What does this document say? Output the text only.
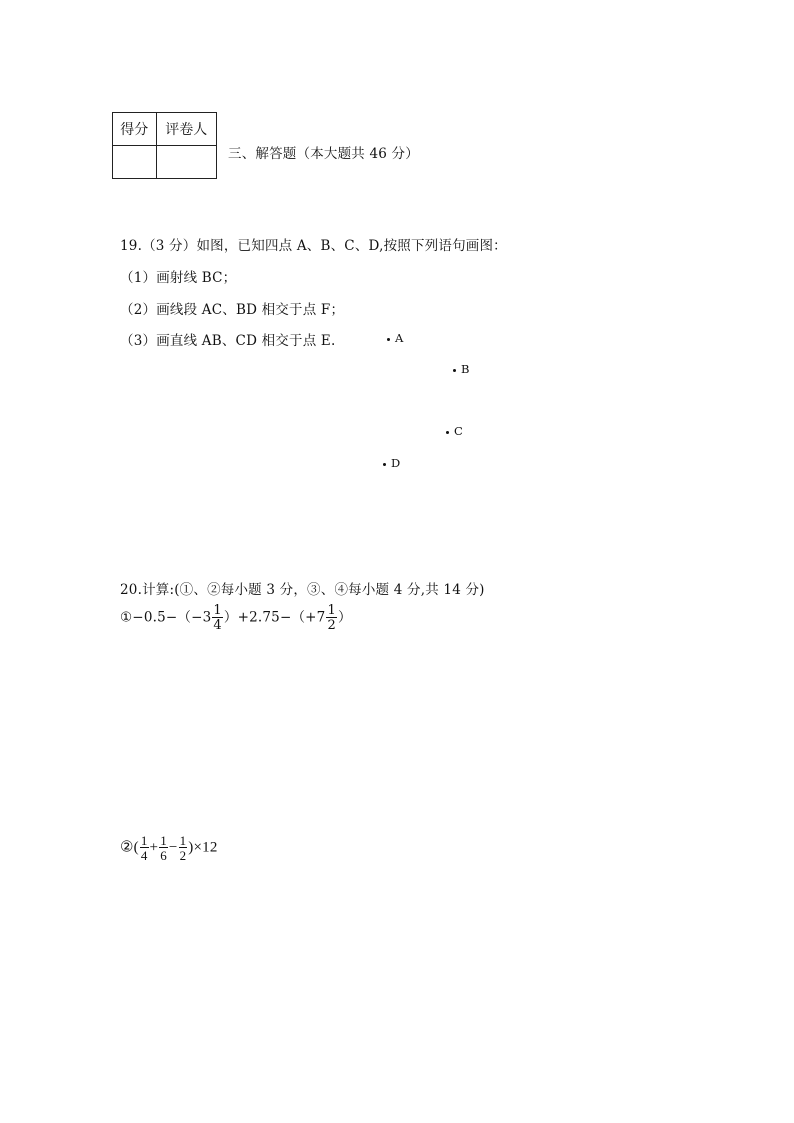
得分	评卷人

三、解答题（本大题共 46 分）
19.（3 分）如图，已知四点 A、B、C、D,按照下列语句画图：
（1）画射线 BC；
（2）画线段 AC、BD 相交于点 F；
（3）画直线 AB、CD 相交于点 E.	A
B
C
D
20.计算:(①、②每小题 3 分，③、④每小题 4 分,共 14 分)
①−0.5−（−3 $\frac{1}{4} )+2.75-(+7 \frac{1}{2}$ ）
②( $\frac{1}{4} + \frac{1}{6} - \frac{1}{2} )\times 12$
